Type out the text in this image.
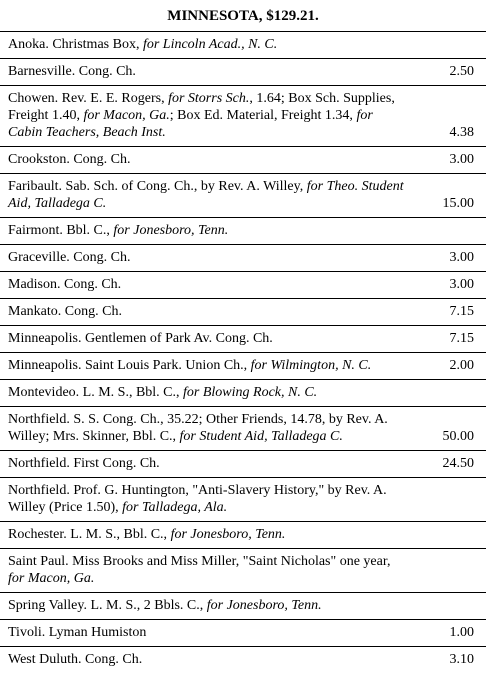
MINNESOTA, $129.21.
Anoka. Christmas Box, for Lincoln Acad., N. C.	
Barnesville. Cong. Ch.	2.50
Chowen. Rev. E. E. Rogers, for Storrs Sch., 1.64; Box Sch. Supplies, Freight 1.40, for Macon, Ga.; Box Ed. Material, Freight 1.34, for Cabin Teachers, Beach Inst.	4.38
Crookston. Cong. Ch.	3.00
Faribault. Sab. Sch. of Cong. Ch., by Rev. A. Willey, for Theo. Student Aid, Talladega C.	15.00
Fairmont. Bbl. C., for Jonesboro, Tenn.	
Graceville. Cong. Ch.	3.00
Madison. Cong. Ch.	3.00
Mankato. Cong. Ch.	7.15
Minneapolis. Gentlemen of Park Av. Cong. Ch.	7.15
Minneapolis. Saint Louis Park. Union Ch., for Wilmington, N. C.	2.00
Montevideo. L. M. S., Bbl. C., for Blowing Rock, N. C.	
Northfield. S. S. Cong. Ch., 35.22; Other Friends, 14.78, by Rev. A. Willey; Mrs. Skinner, Bbl. C., for Student Aid, Talladega C.	50.00
Northfield. First Cong. Ch.	24.50
Northfield. Prof. G. Huntington, "Anti-Slavery History," by Rev. A. Willey (Price 1.50), for Talladega, Ala.	
Rochester. L. M. S., Bbl. C., for Jonesboro, Tenn.	
Saint Paul. Miss Brooks and Miss Miller, "Saint Nicholas" one year, for Macon, Ga.	
Spring Valley. L. M. S., 2 Bbls. C., for Jonesboro, Tenn.	
Tivoli. Lyman Humiston	1.00
West Duluth. Cong. Ch.	3.10
